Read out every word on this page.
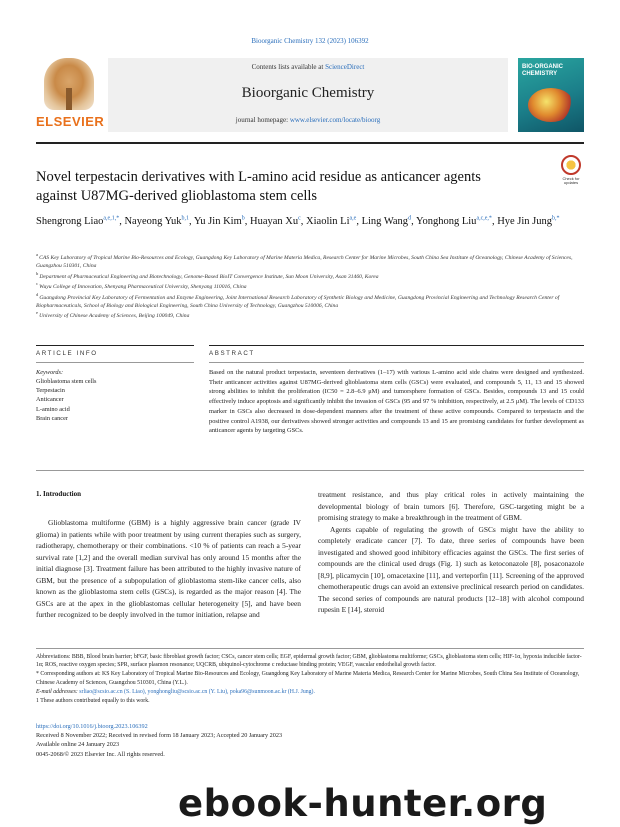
Bioorganic Chemistry 132 (2023) 106392
ELSEVIER
Contents lists available at ScienceDirect
Bioorganic Chemistry
journal homepage: www.elsevier.com/locate/bioorg
BIO-ORGANIC CHEMISTRY
Novel terpestacin derivatives with L-amino acid residue as anticancer agents against U87MG-derived glioblastoma stem cells
Check for updates
Shengrong Liao$^{a,e,1,*}$, Nayeong Yuk$^{b,1}$, Yu Jin Kim$^b$, Huayan Xu$^c$, Xiaolin Li$^{a,e}$, Ling Wang$^d$, Yonghong Liu$^{a,c,e,*}$, Hye Jin Jung$^{b,*}$
$^a$ CAS Key Laboratory of Tropical Marine Bio-Resources and Ecology, Guangdong Key Laboratory of Marine Materia Medica, Research Center for Marine Microbes, South China Sea Institute of Oceanology, Chinese Academy of Sciences, Guangzhou 510301, China
$^b$ Department of Pharmaceutical Engineering and Biotechnology, Genome-Based BioIT Convergence Institute, Sun Moon University, Asan 31460, Korea
$^c$ Wuyu College of Innovation, Shenyang Pharmaceutical University, Shenyang 110016, China
$^d$ Guangdong Provincial Key Laboratory of Fermentation and Enzyme Engineering, Joint International Research Laboratory of Synthetic Biology and Medicine, Guangdong Provincial Engineering and Technology Research Center of Biopharmaceuticals, School of Biology and Biological Engineering, South China University of Technology, Guangzhou 510006, China
$^e$ University of Chinese Academy of Sciences, Beijing 100049, China
ARTICLE INFO	ABSTRACT
Keywords:
Glioblastoma stem cells
Terpestacin
Anticancer
L-amino acid
Brain cancer
Based on the natural product terpestacin, seventeen derivatives (1–17) with various L-amino acid side chains were designed and synthesized. Their anticancer activities against U87MG-derived glioblastoma stem cells (GSCs) were evaluated, and compounds 5, 11, 13 and 15 showed strong abilities to inhibit the proliferation (IC50 = 2.8–6.9 μM) and tumorsphere formation of GSCs. Besides, compounds 13 and 15 could effectively induce apoptosis and significantly inhibit the invasion of GSCs (95 and 97 % inhibition, respectively, at 2.5 μM). The levels of CD133 marker in GSCs also decreased in dose-dependent manners after the treatment of these active compounds. Compared to terpestacin and the positive control A1938, our derivatives showed stronger activities and compounds 13 and 15 are promising candidates for further development as anticancer agents by targeting GSCs.
1. Introduction

Glioblastoma multiforme (GBM) is a highly aggressive brain cancer (grade IV glioma) in patients while with poor treatment by using current therapies such as surgery, radiotherapy, chemotherapy or their combinations. <10 % of patients can reach a 5-year survival rate [1,2] and the overall median survival has only around 15 months after the initial diagnose [3]. Treatment failure has been attributed to the highly invasive nature of GBM, but the presence of a subpopulation of glioblastoma stem-like cancer cells, also known as the glioblastoma stem cells (GSCs), is regarded as the major reason [4]. The GSCs are at the apex in the glioblastomas cellular heterogeneity [5], and have been further recognized to be deeply involved in the tumor initiation, relapse and

treatment resistance, and thus play critical roles in actively maintaining the developmental biology of brain tumors [6]. Therefore, GSC-targeting might be a promising strategy to make a breakthrough in the treatment of GBM.

Agents capable of regulating the growth of GSCs might have the ability to completely eradicate cancer [7]. To date, three series of compounds have been investigated and showed good inhibitory efficacies against the GSCs. The first series of compounds are the clinical used drugs (Fig. 1) such as ketoconazole [8], posaconazole [8,9], plicamycin [10], omacetaxine [11], and verteporfin [11]. Screening of the approved chemotherapeutic drugs can avoid an extensive preclinical research period on candidates. The second series of compounds are natural products [12–18] with alcohol compound rupesin E [14], steroid

Abbreviations: BBB, Blood brain barrier; bFGF, basic fibroblast growth factor; CSCs, cancer stem cells; EGF, epidermal growth factor; GBM, glioblastoma multiforme; GSCs, glioblastoma stem cells; HIF-1α, hypoxia inducible factor-1α; ROS, reactive oxygen species; SPR, surface plasmon resonance; UQCRB, ubiquinol-cytochrome c reductase binding protein; VEGF, vascular endothelial growth factor.

* Corresponding authors at: KS Key Laboratory of Tropical Marine Bio-Resources and Ecology, Guangdong Key Laboratory of Marine Materia Medica, Research Center for Marine Microbes, South China Sea Institute of Oceanology, Chinese Academy of Sciences, Guangzhou 510301, China (Y.L.).

E-mail addresses: srliao@scsio.ac.cn (S. Liao), yonghongliu@scsio.ac.cn (Y. Liu), poka96@sunmoon.ac.kr (H.J. Jung).

1 These authors contributed equally to this work.

https://doi.org/10.1016/j.bioorg.2023.106392
Received 8 November 2022; Received in revised form 18 January 2023; Accepted 20 January 2023
Available online 24 January 2023
0045-2068/© 2023 Elsevier Inc. All rights reserved.
ebook-hunter.org
